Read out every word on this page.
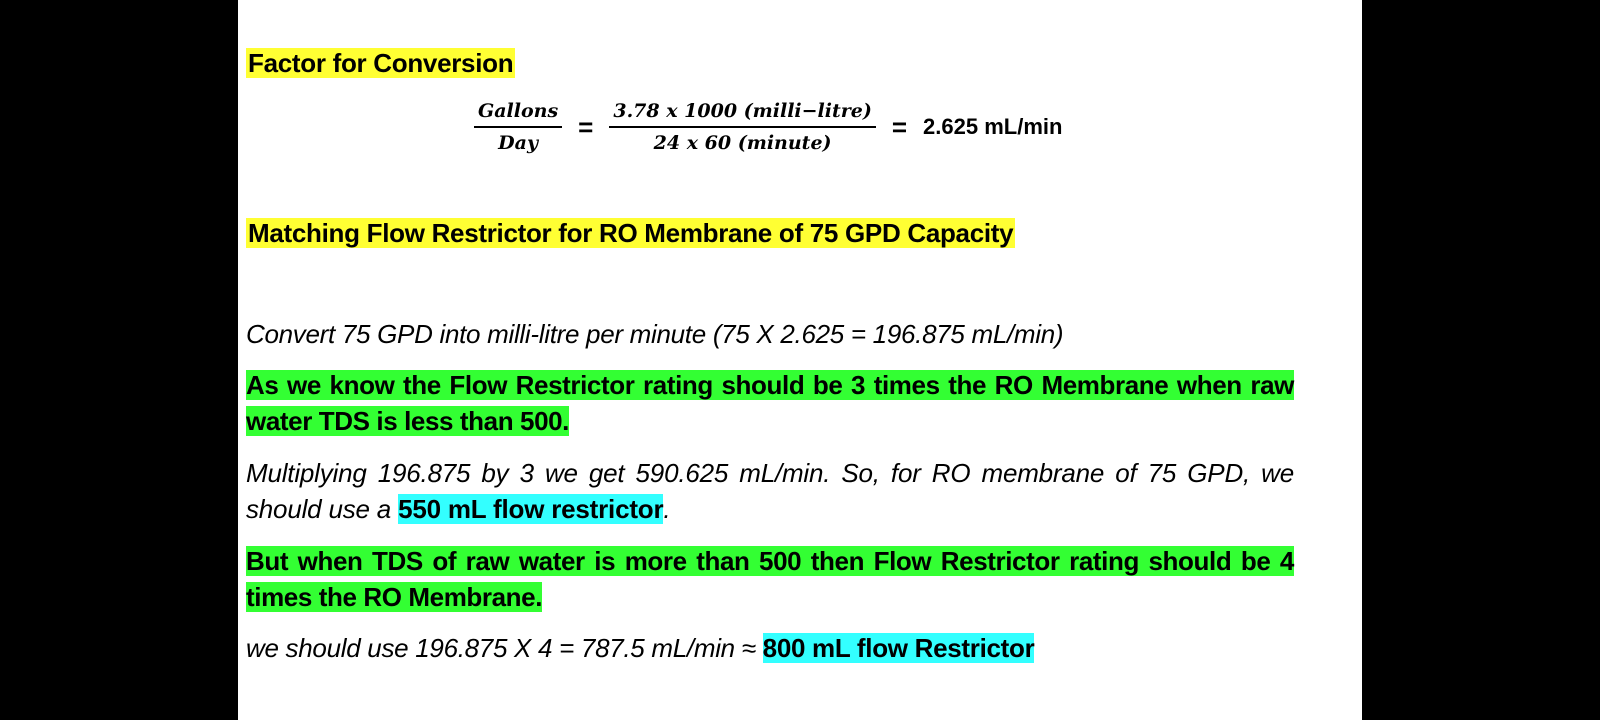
Factor for Conversion
$\frac{\text{Gallons}}{\text{Day}} = \frac{\text{3.78 x 1000 (milli−litre)}}{\text{24 x 60 (minute)}} = 2.625$ mL/min
Matching Flow Restrictor for RO Membrane of 75 GPD Capacity
Convert 75 GPD into milli-litre per minute (75 X 2.625 = 196.875 mL/min)
As we know the Flow Restrictor rating should be 3 times the RO Membrane when raw water TDS is less than 500.
Multiplying 196.875 by 3 we get 590.625 mL/min. So, for RO membrane of 75 GPD, we should use a 550 mL flow restrictor.
But when TDS of raw water is more than 500 then Flow Restrictor rating should be 4 times the RO Membrane.
we should use 196.875 X 4 = 787.5 mL/min ≈ 800 mL flow Restrictor
